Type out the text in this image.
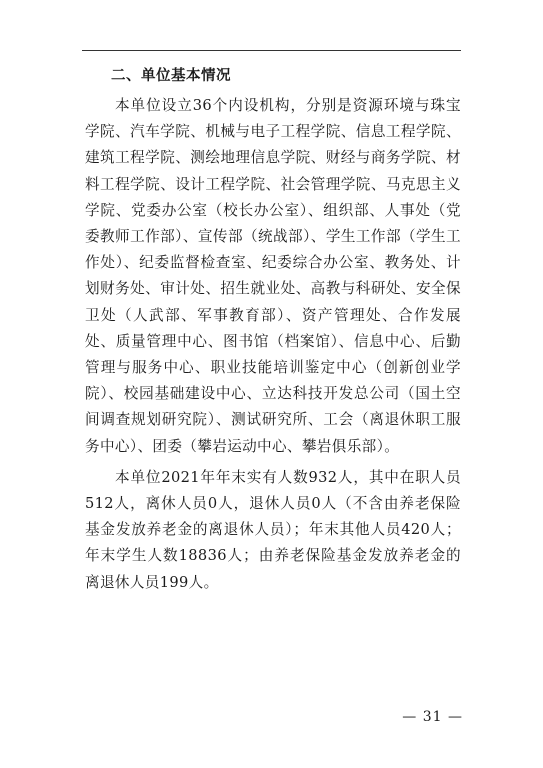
二、单位基本情况

本单位设立36个内设机构，分别是资源环境与珠宝学院、汽车学院、机械与电子工程学院、信息工程学院、建筑工程学院、测绘地理信息学院、财经与商务学院、材料工程学院、设计工程学院、社会管理学院、马克思主义学院、党委办公室（校长办公室）、组织部、人事处（党委教师工作部）、宣传部（统战部）、学生工作部（学生工作处）、纪委监督检查室、纪委综合办公室、教务处、计划财务处、审计处、招生就业处、高教与科研处、安全保卫处（人武部、军事教育部）、资产管理处、合作发展处、质量管理中心、图书馆（档案馆）、信息中心、后勤管理与服务中心、职业技能培训鉴定中心（创新创业学院）、校园基础建设中心、立达科技开发总公司（国土空间调查规划研究院）、测试研究所、工会（离退休职工服务中心）、团委（攀岩运动中心、攀岩俱乐部）。

本单位2021年年末实有人数932人，其中在职人员512人，离休人员0人，退休人员0人（不含由养老保险基金发放养老金的离退休人员）；年末其他人员420人；年末学生人数18836人；由养老保险基金发放养老金的离退休人员199人。

— 31 —
